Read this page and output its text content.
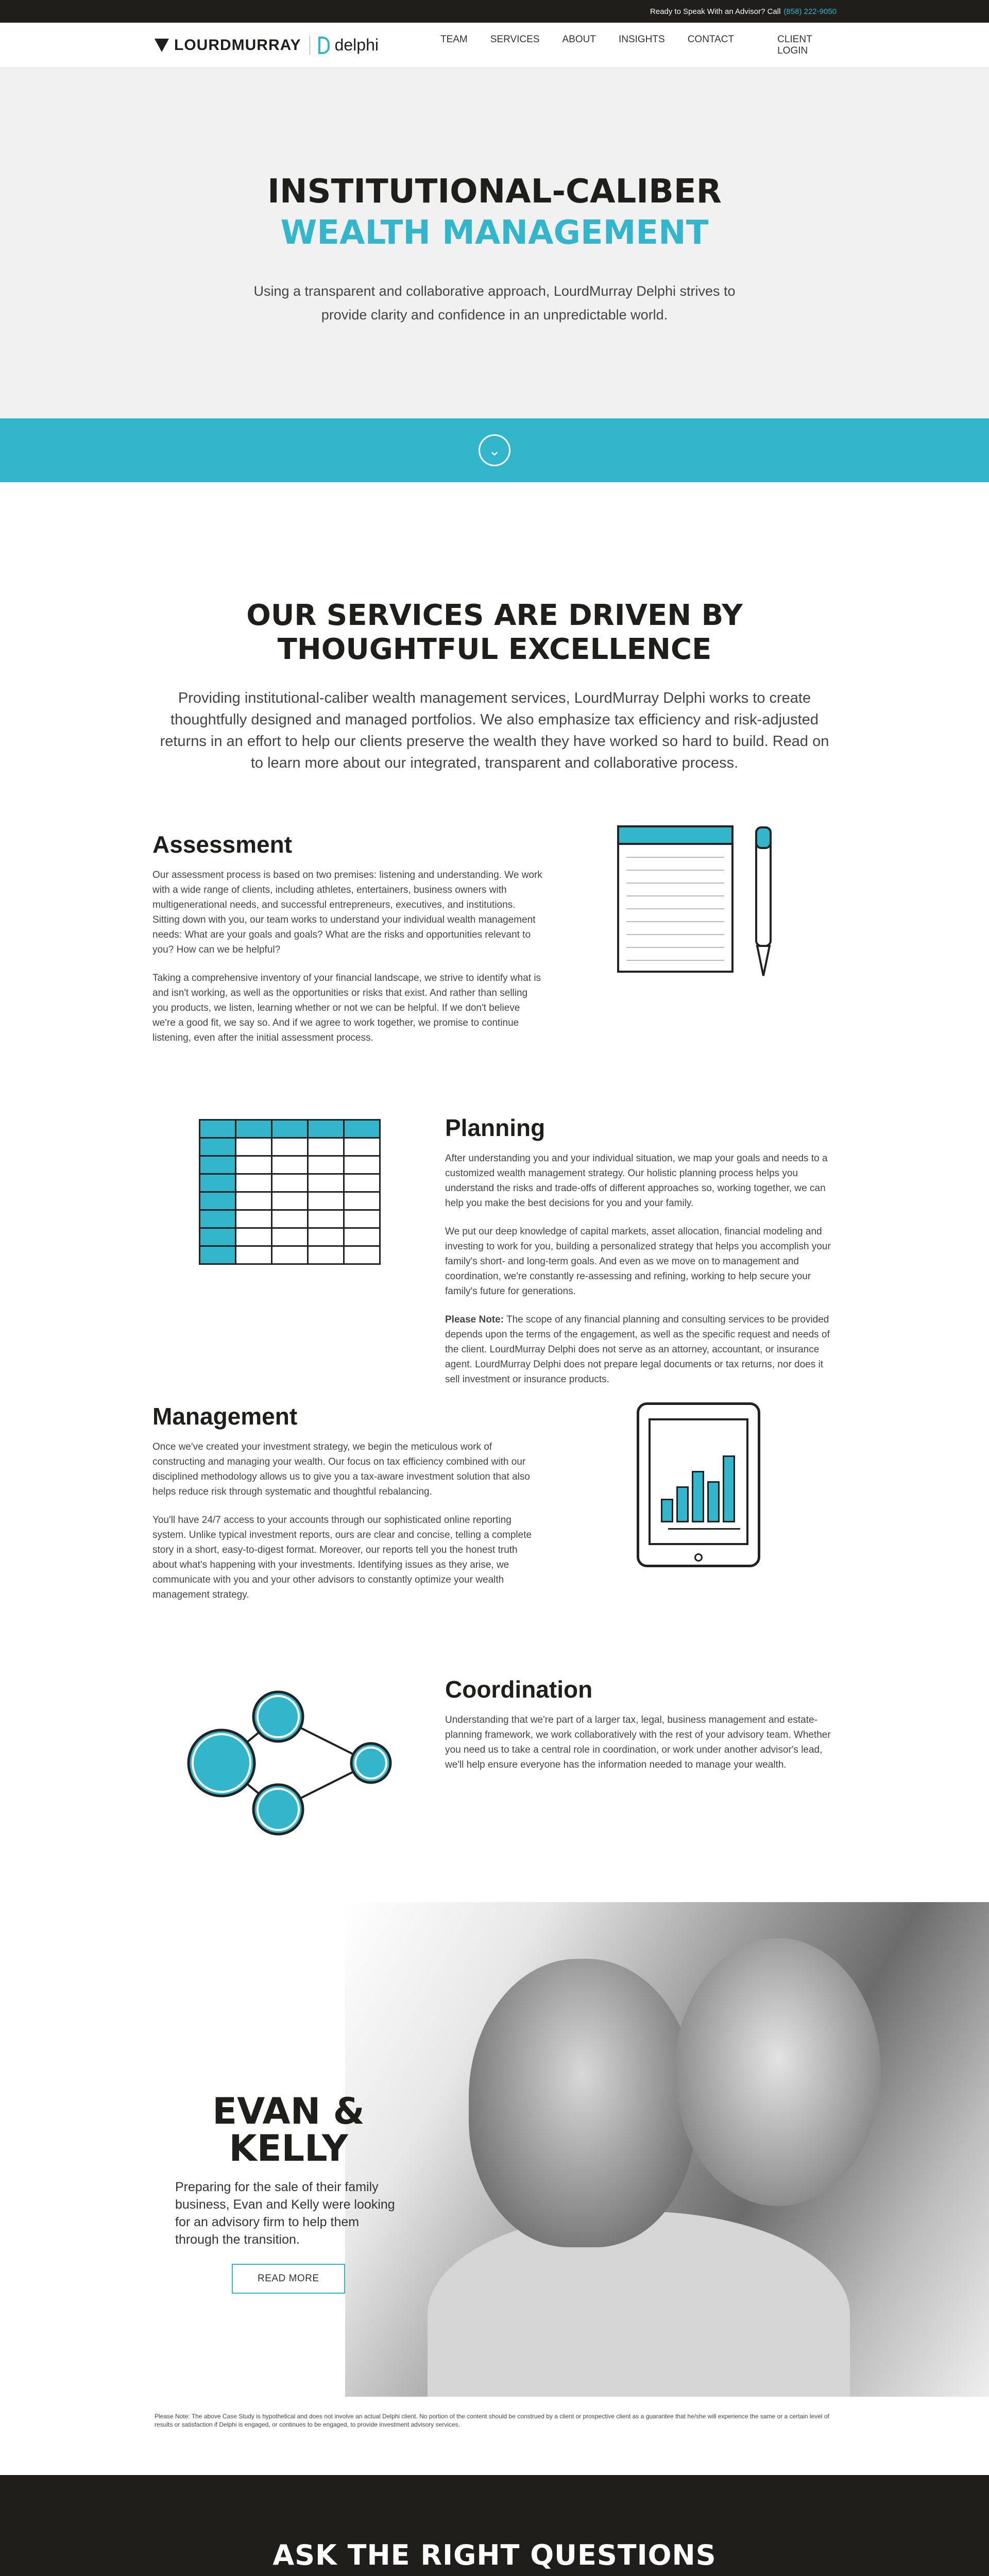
Ready to Speak With an Advisor? Call (858) 222-9050
LOURDMURRAY delphi	TEAM SERVICES ABOUT INSIGHTS CONTACT	CLIENT LOGIN
INSTITUTIONAL-CALIBER
WEALTH MANAGEMENT

Using a transparent and collaborative approach, LourdMurray Delphi strives to provide clarity and confidence in an unpredictable world.

⌄
OUR SERVICES ARE DRIVEN BY THOUGHTFUL EXCELLENCE

Providing institutional-caliber wealth management services, LourdMurray Delphi works to create thoughtfully designed and managed portfolios. We also emphasize tax efficiency and risk-adjusted returns in an effort to help our clients preserve the wealth they have worked so hard to build. Read on to learn more about our integrated, transparent and collaborative process.

Assessment

Our assessment process is based on two premises: listening and understanding. We work with a wide range of clients, including athletes, entertainers, business owners with multigenerational needs, and successful entrepreneurs, executives, and institutions. Sitting down with you, our team works to understand your individual wealth management needs: What are your goals and goals? What are the risks and opportunities relevant to you? How can we be helpful?

Taking a comprehensive inventory of your financial landscape, we strive to identify what is and isn't working, as well as the opportunities or risks that exist. And rather than selling you products, we listen, learning whether or not we can be helpful. If we don't believe we're a good fit, we say so. And if we agree to work together, we promise to continue listening, even after the initial assessment process.

Planning

After understanding you and your individual situation, we map your goals and needs to a customized wealth management strategy. Our holistic planning process helps you understand the risks and trade-offs of different approaches so, working together, we can help you make the best decisions for you and your family.

We put our deep knowledge of capital markets, asset allocation, financial modeling and investing to work for you, building a personalized strategy that helps you accomplish your family's short- and long-term goals. And even as we move on to management and coordination, we're constantly re-assessing and refining, working to help secure your family's future for generations.

Please Note: The scope of any financial planning and consulting services to be provided depends upon the terms of the engagement, as well as the specific request and needs of the client. LourdMurray Delphi does not serve as an attorney, accountant, or insurance agent. LourdMurray Delphi does not prepare legal documents or tax returns, nor does it sell investment or insurance products.

Management

Once we've created your investment strategy, we begin the meticulous work of constructing and managing your wealth. Our focus on tax efficiency combined with our disciplined methodology allows us to give you a tax-aware investment solution that also helps reduce risk through systematic and thoughtful rebalancing.

You'll have 24/7 access to your accounts through our sophisticated online reporting system. Unlike typical investment reports, ours are clear and concise, telling a complete story in a short, easy-to-digest format. Moreover, our reports tell you the honest truth about what's happening with your investments. Identifying issues as they arise, we communicate with you and your other advisors to constantly optimize your wealth management strategy.

Coordination

Understanding that we're part of a larger tax, legal, business management and estate-planning framework, we work collaboratively with the rest of your advisory team. Whether you need us to take a central role in coordination, or work under another advisor's lead, we'll help ensure everyone has the information needed to manage your wealth.

EVAN & KELLY

Preparing for the sale of their family business, Evan and Kelly were looking for an advisory firm to help them through the transition.

READ MORE

Please Note: The above Case Study is hypothetical and does not involve an actual Delphi client. No portion of the content should be construed by a client or prospective client as a guarantee that he/she will experience the same or a certain level of results or satisfaction if Delphi is engaged, or continues to be engaged, to provide investment advisory services.

ASK THE RIGHT QUESTIONS
